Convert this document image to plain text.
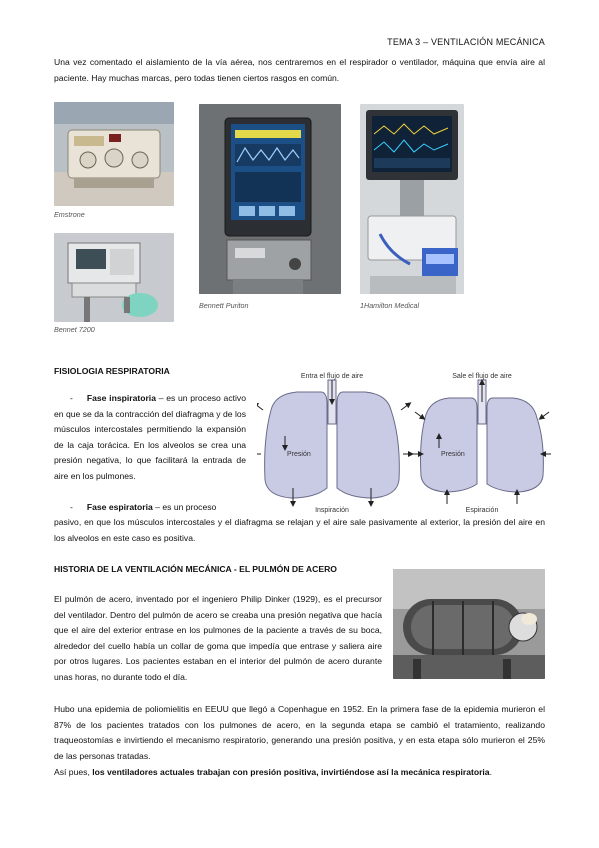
TEMA 3 – VENTILACIÓN MECÁNICA
Una vez comentado el aislamiento de la vía aérea, nos centraremos en el respirador o ventilador, máquina que envía aire al paciente. Hay muchas marcas, pero todas tienen ciertos rasgos en común.
Emstrone
Bennet 7200
Bennett Puriton	1Hamilton Medical
FISIOLOGIA RESPIRATORIA
- Fase inspiratoria – es un proceso activo en que se da la contracción del diafragma y de los músculos intercostales permitiendo la expansión de la caja torácica. En los alveolos se crea una presión negativa, lo que facilitará la entrada de aire en los pulmones.
- Fase espiratoria – es un proceso
pasivo, en que los músculos intercostales y el diafragma se relajan y el aire sale pasivamente al exterior, la presión del aire en los alveolos en este caso es positiva.
Entra el flujo de aire
Presión
Inspiración
Sale el flujo de aire
Presión
Espiración
HISTORIA DE LA VENTILACIÓN MECÁNICA - EL PULMÓN DE ACERO
El pulmón de acero, inventado por el ingeniero Philip Dinker (1929), es el precursor del ventilador. Dentro del pulmón de acero se creaba una presión negativa que hacía que el aire del exterior entrase en los pulmones de la paciente a través de su boca, alrededor del cuello había un collar de goma que impedía que entrase y saliera aire por otros lugares. Los pacientes estaban en el interior del pulmón de acero durante unas horas, no durante todo el día.
Hubo una epidemia de poliomielitis en EEUU que llegó a Copenhague en 1952. En la primera fase de la epidemia murieron el 87% de los pacientes tratados con los pulmones de acero, en la segunda etapa se cambió el tratamiento, realizando traqueostomías e invirtiendo el mecanismo respiratorio, generando una presión positiva, y en esta etapa sólo murieron el 25% de las personas tratadas.
Así pues, los ventiladores actuales trabajan con presión positiva, invirtiéndose así la mecánica respiratoria.
